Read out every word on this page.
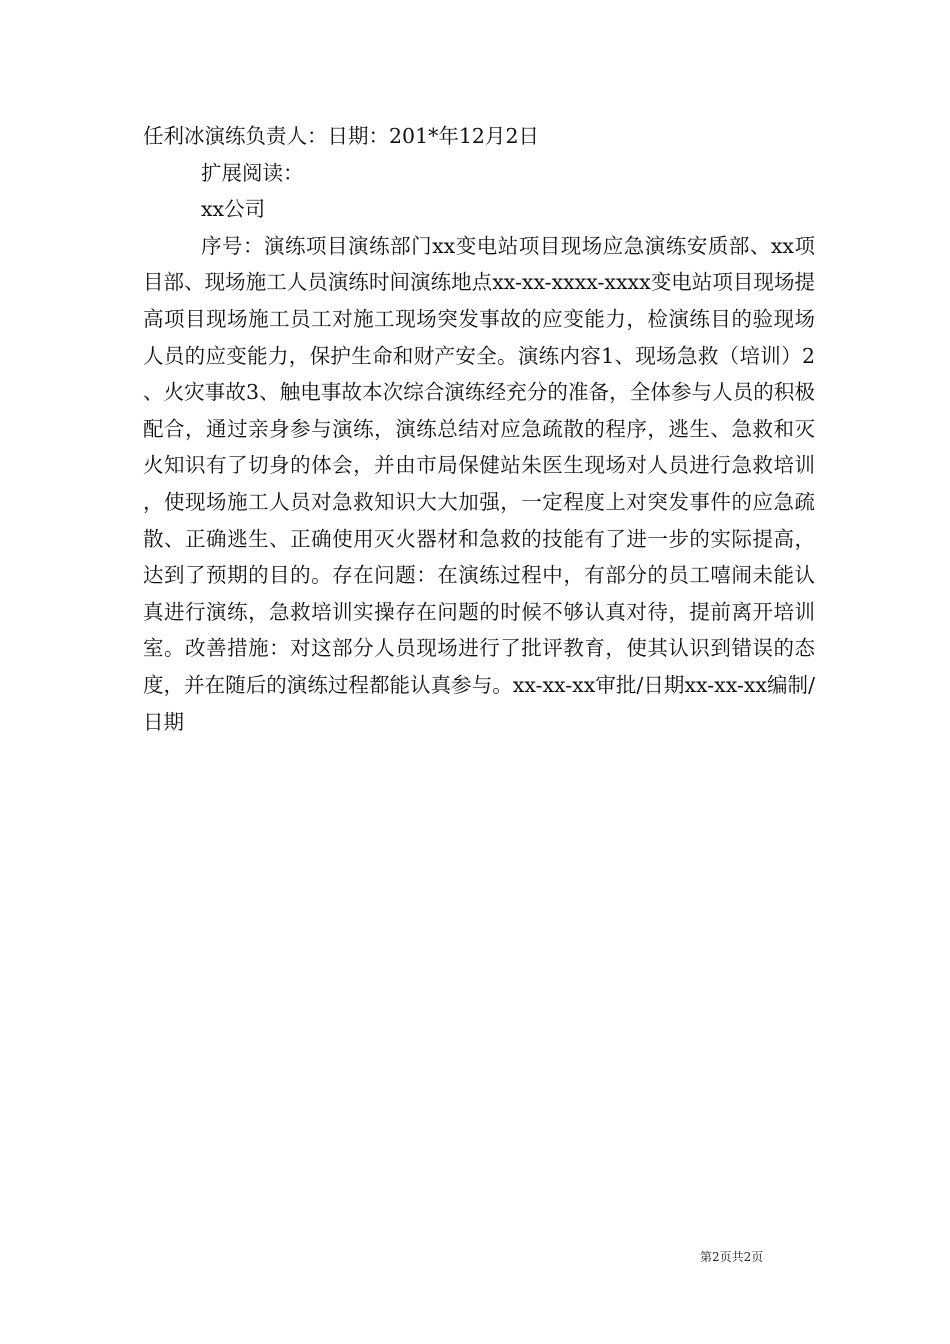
任利冰演练负责人：日期：201*年12月2日

扩展阅读：

xx公司

序号：演练项目演练部门xx变电站项目现场应急演练安质部、xx项目部、现场施工人员演练时间演练地点xx-xx-xxxx-xxxx变电站项目现场提高项目现场施工员工对施工现场突发事故的应变能力，检演练目的验现场人员的应变能力，保护生命和财产安全。演练内容1、现场急救（培训）2、火灾事故3、触电事故本次综合演练经充分的准备，全体参与人员的积极配合，通过亲身参与演练，演练总结对应急疏散的程序，逃生、急救和灭火知识有了切身的体会，并由市局保健站朱医生现场对人员进行急救培训，使现场施工人员对急救知识大大加强，一定程度上对突发事件的应急疏散、正确逃生、正确使用灭火器材和急救的技能有了进一步的实际提高，达到了预期的目的。存在问题：在演练过程中，有部分的员工嘻闹未能认真进行演练，急救培训实操存在问题的时候不够认真对待，提前离开培训室。改善措施：对这部分人员现场进行了批评教育，使其认识到错误的态度，并在随后的演练过程都能认真参与。xx-xx-xx审批/日期xx-xx-xx编制/日期

第2页共2页
